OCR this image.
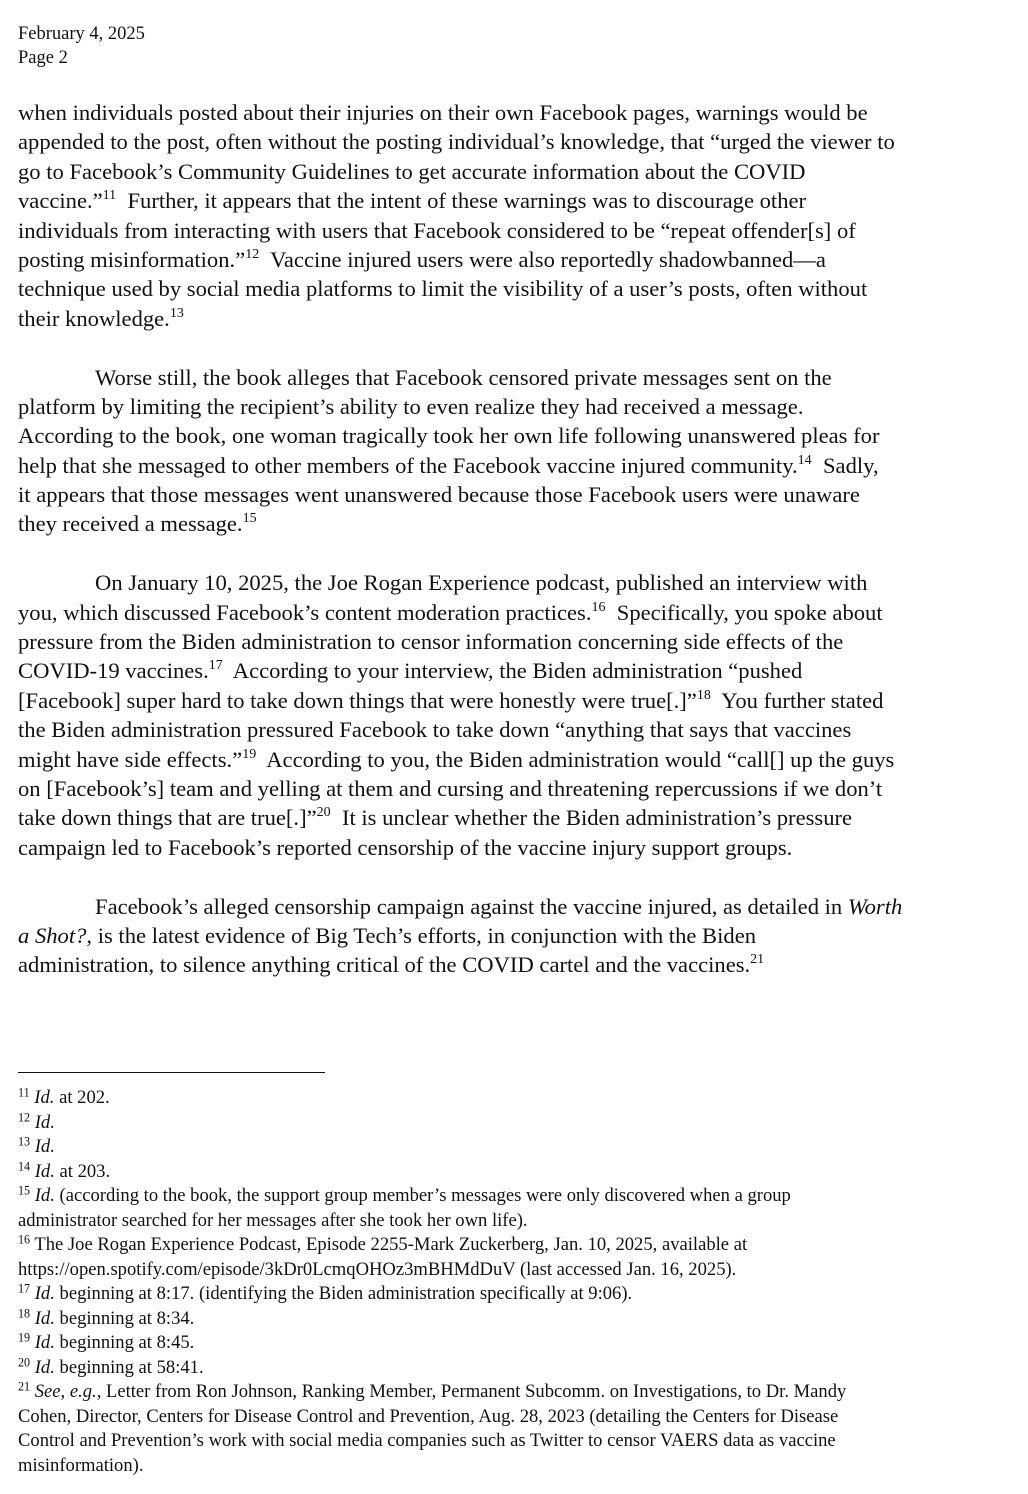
February 4, 2025
Page 2
when individuals posted about their injuries on their own Facebook pages, warnings would be
appended to the post, often without the posting individual’s knowledge, that “urged the viewer to
go to Facebook’s Community Guidelines to get accurate information about the COVID
vaccine.”$^{11}$  Further, it appears that the intent of these warnings was to discourage other
individuals from interacting with users that Facebook considered to be “repeat offender[s] of
posting misinformation.”$^{12}$  Vaccine injured users were also reportedly shadowbanned—a
technique used by social media platforms to limit the visibility of a user’s posts, often without
their knowledge.$^{13}$
Worse still, the book alleges that Facebook censored private messages sent on the
platform by limiting the recipient’s ability to even realize they had received a message.
According to the book, one woman tragically took her own life following unanswered pleas for
help that she messaged to other members of the Facebook vaccine injured community.$^{14}$  Sadly,
it appears that those messages went unanswered because those Facebook users were unaware
they received a message.$^{15}$
On January 10, 2025, the Joe Rogan Experience podcast, published an interview with
you, which discussed Facebook’s content moderation practices.$^{16}$  Specifically, you spoke about
pressure from the Biden administration to censor information concerning side effects of the
COVID-19 vaccines.$^{17}$  According to your interview, the Biden administration “pushed
[Facebook] super hard to take down things that were honestly were true[.]”$^{18}$  You further stated
the Biden administration pressured Facebook to take down “anything that says that vaccines
might have side effects.”$^{19}$  According to you, the Biden administration would “call[] up the guys
on [Facebook’s] team and yelling at them and cursing and threatening repercussions if we don’t
take down things that are true[.]”$^{20}$  It is unclear whether the Biden administration’s pressure
campaign led to Facebook’s reported censorship of the vaccine injury support groups.
Facebook’s alleged censorship campaign against the vaccine injured, as detailed in Worth
a Shot?, is the latest evidence of Big Tech’s efforts, in conjunction with the Biden
administration, to silence anything critical of the COVID cartel and the vaccines.$^{21}$
$^{11}$ Id. at 202.
$^{12}$ Id.
$^{13}$ Id.
$^{14}$ Id. at 203.
$^{15}$ Id. (according to the book, the support group member’s messages were only discovered when a group
administrator searched for her messages after she took her own life).
$^{16}$ The Joe Rogan Experience Podcast, Episode 2255-Mark Zuckerberg, Jan. 10, 2025, available at
https://open.spotify.com/episode/3kDr0LcmqOHOz3mBHMdDuV (last accessed Jan. 16, 2025).
$^{17}$ Id. beginning at 8:17. (identifying the Biden administration specifically at 9:06).
$^{18}$ Id. beginning at 8:34.
$^{19}$ Id. beginning at 8:45.
$^{20}$ Id. beginning at 58:41.
$^{21}$ See, e.g., Letter from Ron Johnson, Ranking Member, Permanent Subcomm. on Investigations, to Dr. Mandy
Cohen, Director, Centers for Disease Control and Prevention, Aug. 28, 2023 (detailing the Centers for Disease
Control and Prevention’s work with social media companies such as Twitter to censor VAERS data as vaccine
misinformation).
